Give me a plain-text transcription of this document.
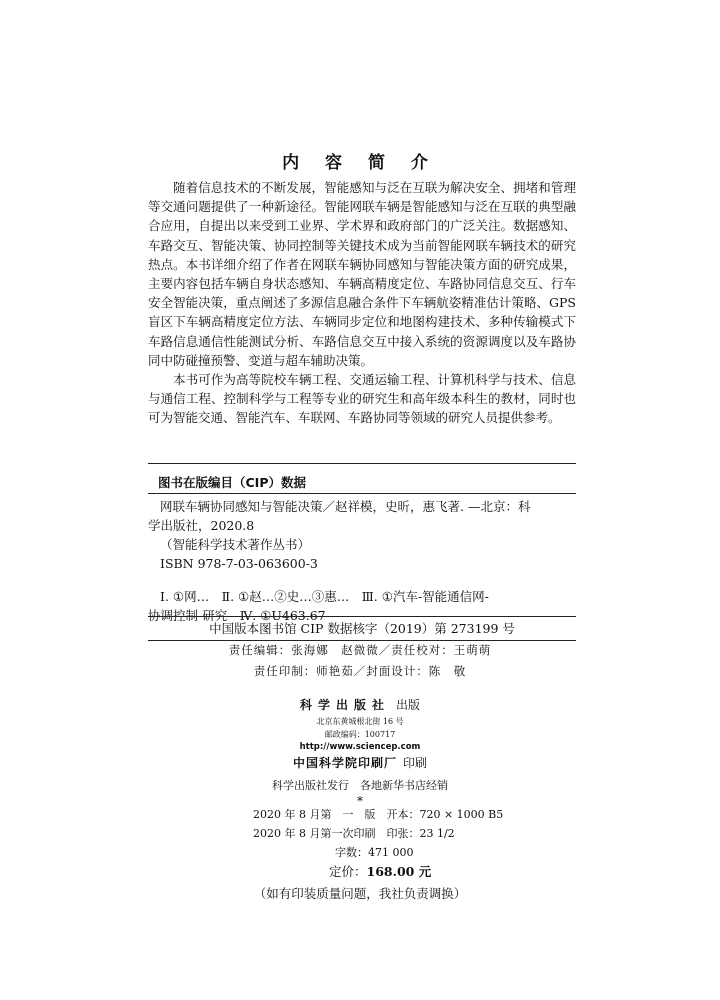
内 容 简 介

随着信息技术的不断发展，智能感知与泛在互联为解决安全、拥堵和管理等交通问题提供了一种新途径。智能网联车辆是智能感知与泛在互联的典型融合应用，自提出以来受到工业界、学术界和政府部门的广泛关注。数据感知、车路交互、智能决策、协同控制等关键技术成为当前智能网联车辆技术的研究热点。本书详细介绍了作者在网联车辆协同感知与智能决策方面的研究成果，主要内容包括车辆自身状态感知、车辆高精度定位、车路协同信息交互、行车安全智能决策，重点阐述了多源信息融合条件下车辆航姿精准估计策略、GPS 盲区下车辆高精度定位方法、车辆同步定位和地图构建技术、多种传输模式下车路信息通信性能测试分析、车路信息交互中接入系统的资源调度以及车路协同中防碰撞预警、变道与超车辅助决策。

本书可作为高等院校车辆工程、交通运输工程、计算机科学与技术、信息与通信工程、控制科学与工程等专业的研究生和高年级本科生的教材，同时也可为智能交通、智能汽车、车联网、车路协同等领域的研究人员提供参考。

图书在版编目（CIP）数据
网联车辆协同感知与智能决策／赵祥模，史昕，惠飞著. —北京：科
学出版社，2020.8
（智能科学技术著作丛书）
ISBN 978-7-03-063600-3
Ⅰ. ①网…　Ⅱ. ①赵…②史…③惠…　Ⅲ. ①汽车-智能通信网-
协调控制-研究　Ⅳ. ①U463.67
中国版本图书馆 CIP 数据核字（2019）第 273199 号
责任编辑：张海娜　赵微微／责任校对：王萌萌
责任印制：师艳茹／封面设计：陈　敬
科学出版社 出版
北京东黄城根北街 16 号
邮政编码：100717
http://www.sciencep.com
中国科学院印刷厂 印刷
科学出版社发行　各地新华书店经销
*
2020 年 8 月第　一　版　开本：720 × 1000 B5
2020 年 8 月第一次印刷　印张：23 1/2
字数：471 000
定价：168.00 元
（如有印装质量问题，我社负责调换）
